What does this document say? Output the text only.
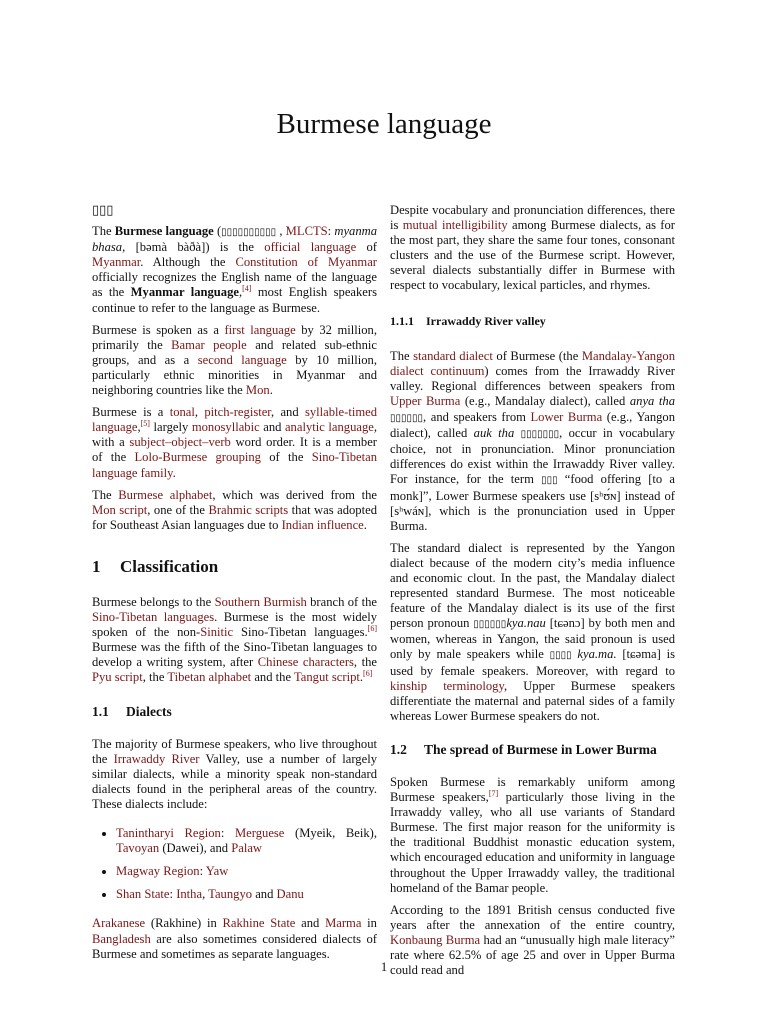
Burmese language
▯▯▯

The Burmese language (▯▯▯▯▯▯▯▯▯▯ , MLCTS: myanma bhasa, [bəmà bàðà]) is the official language of Myanmar. Although the Constitution of Myanmar officially recognizes the English name of the language as the Myanmar language,[4] most English speakers continue to refer to the language as Burmese.

Burmese is spoken as a first language by 32 million, primarily the Bamar people and related sub-ethnic groups, and as a second language by 10 million, particularly ethnic minorities in Myanmar and neighboring countries like the Mon.

Burmese is a tonal, pitch-register, and syllable-timed language,[5] largely monosyllabic and analytic language, with a subject–object–verb word order. It is a member of the Lolo-Burmese grouping of the Sino-Tibetan language family.

The Burmese alphabet, which was derived from the Mon script, one of the Brahmic scripts that was adopted for Southeast Asian languages due to Indian influence.

1 Classification

Burmese belongs to the Southern Burmish branch of the Sino-Tibetan languages. Burmese is the most widely spoken of the non-Sinitic Sino-Tibetan languages.[6] Burmese was the fifth of the Sino-Tibetan languages to develop a writing system, after Chinese characters, the Pyu script, the Tibetan alphabet and the Tangut script.[6]

1.1 Dialects

The majority of Burmese speakers, who live throughout the Irrawaddy River Valley, use a number of largely similar dialects, while a minority speak non-standard dialects found in the peripheral areas of the country. These dialects include:

• Tanintharyi Region: Merguese (Myeik, Beik), Tavoyan (Dawei), and Palaw
• Magway Region: Yaw
• Shan State: Intha, Taungyo and Danu

Arakanese (Rakhine) in Rakhine State and Marma in Bangladesh are also sometimes considered dialects of Burmese and sometimes as separate languages.

Despite vocabulary and pronunciation differences, there is mutual intelligibility among Burmese dialects, as for the most part, they share the same four tones, consonant clusters and the use of the Burmese script. However, several dialects substantially differ in Burmese with respect to vocabulary, lexical particles, and rhymes.

1.1.1 Irrawaddy River valley

The standard dialect of Burmese (the Mandalay-Yangon dialect continuum) comes from the Irrawaddy River valley. Regional differences between speakers from Upper Burma (e.g., Mandalay dialect), called anya tha ▯▯▯▯▯▯, and speakers from Lower Burma (e.g., Yangon dialect), called auk tha ▯▯▯▯▯▯▯, occur in vocabulary choice, not in pronunciation. Minor pronunciation differences do exist within the Irrawaddy River valley. For instance, for the term ▯▯▯ “food offering [to a monk]”, Lower Burmese speakers use [sʰʊ́ɴ] instead of [sʰwáɴ], which is the pronunciation used in Upper Burma.

The standard dialect is represented by the Yangon dialect because of the modern city’s media influence and economic clout. In the past, the Mandalay dialect represented standard Burmese. The most noticeable feature of the Mandalay dialect is its use of the first person pronoun ▯▯▯▯▯▯kya.nau [tɕənɔ] by both men and women, whereas in Yangon, the said pronoun is used only by male speakers while ▯▯▯▯ kya.ma. [tɕəma] is used by female speakers. Moreover, with regard to kinship terminology, Upper Burmese speakers differentiate the maternal and paternal sides of a family whereas Lower Burmese speakers do not.

1.2	The spread of Burmese in Lower Burma

Spoken Burmese is remarkably uniform among Burmese speakers,[7] particularly those living in the Irrawaddy valley, who all use variants of Standard Burmese. The first major reason for the uniformity is the traditional Buddhist monastic education system, which encouraged education and uniformity in language throughout the Upper Irrawaddy valley, the traditional homeland of the Bamar people.

According to the 1891 British census conducted five years after the annexation of the entire country, Konbaung Burma had an “unusually high male literacy” rate where 62.5% of age 25 and over in Upper Burma could read and

1
